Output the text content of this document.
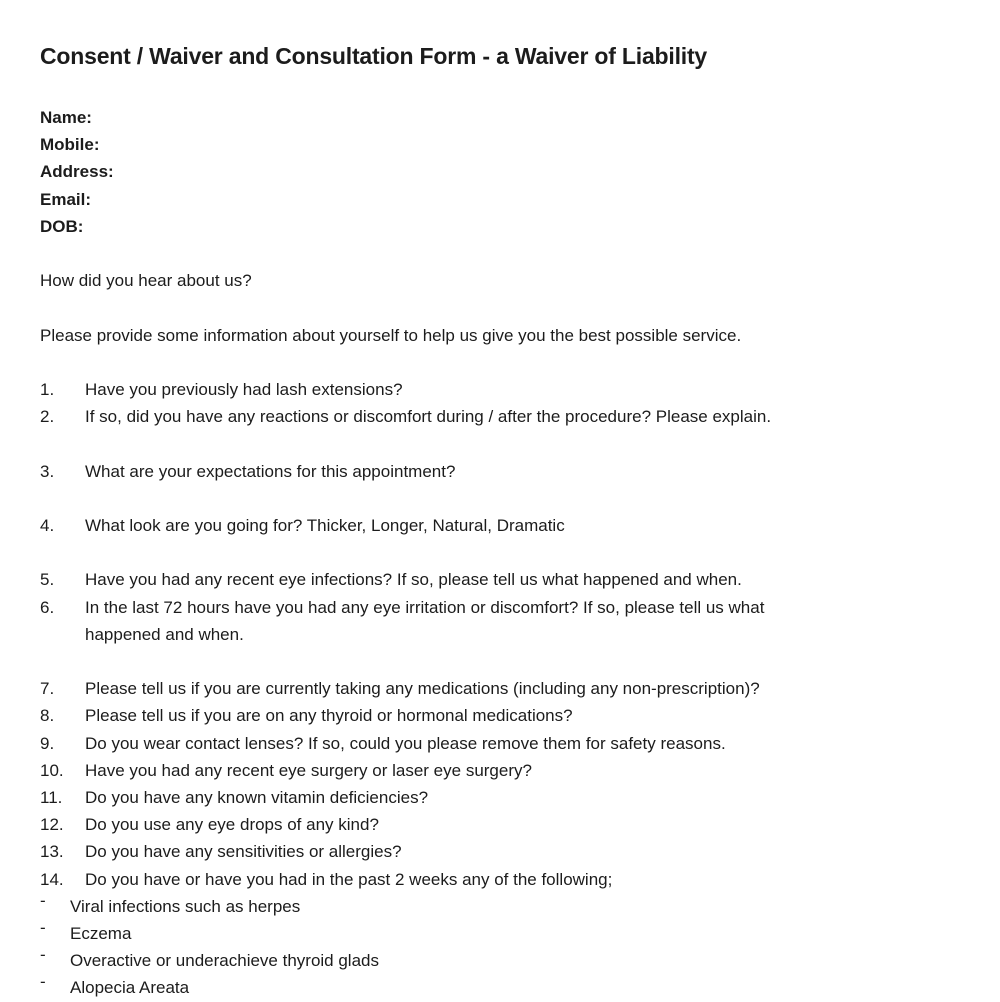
Consent / Waiver and Consultation Form - a Waiver of Liability
Name:
Mobile:
Address:
Email:
DOB:
How did you hear about us?
Please provide some information about yourself to help us give you the best possible service.
1.	Have you previously had lash extensions?
2.	If so, did you have any reactions or discomfort during / after the procedure? Please explain.
3.	What are your expectations for this appointment?
4.	What look are you going for? Thicker, Longer, Natural, Dramatic
5.	Have you had any recent eye infections? If so, please tell us what happened and when.
6.	In the last 72 hours have you had any eye irritation or discomfort? If so, please tell us what
happened and when.
7.	Please tell us if you are currently taking any medications (including any non-prescription)?
8.	Please tell us if you are on any thyroid or hormonal medications?
9.	Do you wear contact lenses? If so, could you please remove them for safety reasons.
10.	Have you had any recent eye surgery or laser eye surgery?
11.	Do you have any known vitamin deficiencies?
12.	Do you use any eye drops of any kind?
13.	Do you have any sensitivities or allergies?
14.	Do you have or have you had in the past 2 weeks any of the following;
-	Viral infections such as herpes
-	Eczema
-	Overactive or underachieve thyroid glads
-	Alopecia Areata
